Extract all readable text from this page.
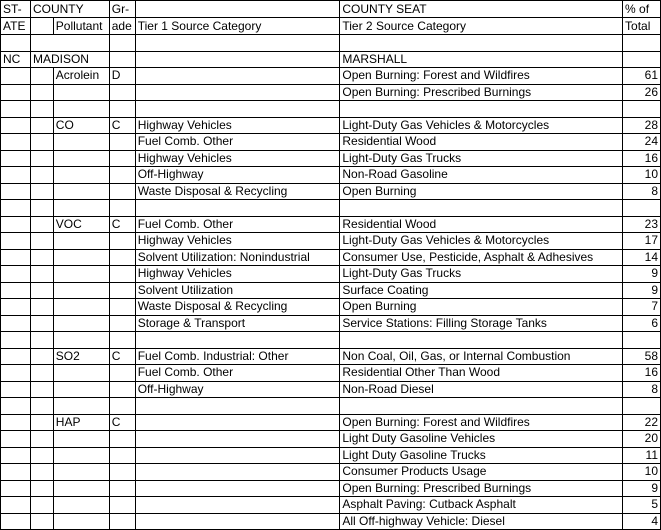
ST-	COUNTY		Gr-		COUNTY SEAT	% of
ATE		Pollutant	ade	Tier 1 Source Category	Tier 2 Source Category	Total

NC	MADISON				MARSHALL	
		Acrolein	D		Open Burning: Forest and Wildfires	61
					Open Burning: Prescribed Burnings	26

		CO	C	Highway Vehicles	Light-Duty Gas Vehicles & Motorcycles	28
				Fuel Comb. Other	Residential Wood	24
				Highway Vehicles	Light-Duty Gas Trucks	16
				Off-Highway	Non-Road Gasoline	10
				Waste Disposal & Recycling	Open Burning	8

		VOC	C	Fuel Comb. Other	Residential Wood	23
				Highway Vehicles	Light-Duty Gas Vehicles & Motorcycles	17
				Solvent Utilization: Nonindustrial	Consumer Use, Pesticide, Asphalt & Adhesives	14
				Highway Vehicles	Light-Duty Gas Trucks	9
				Solvent Utilization	Surface Coating	9
				Waste Disposal & Recycling	Open Burning	7
				Storage & Transport	Service Stations: Filling Storage Tanks	6

		SO2	C	Fuel Comb. Industrial: Other	Non Coal, Oil, Gas, or Internal Combustion	58
				Fuel Comb. Other	Residential Other Than Wood	16
				Off-Highway	Non-Road Diesel	8

		HAP	C		Open Burning: Forest and Wildfires	22
					Light Duty Gasoline Vehicles	20
					Light Duty Gasoline Trucks	11
					Consumer Products Usage	10
					Open Burning: Prescribed Burnings	9
					Asphalt Paving: Cutback Asphalt	5
					All Off-highway Vehicle: Diesel	4
